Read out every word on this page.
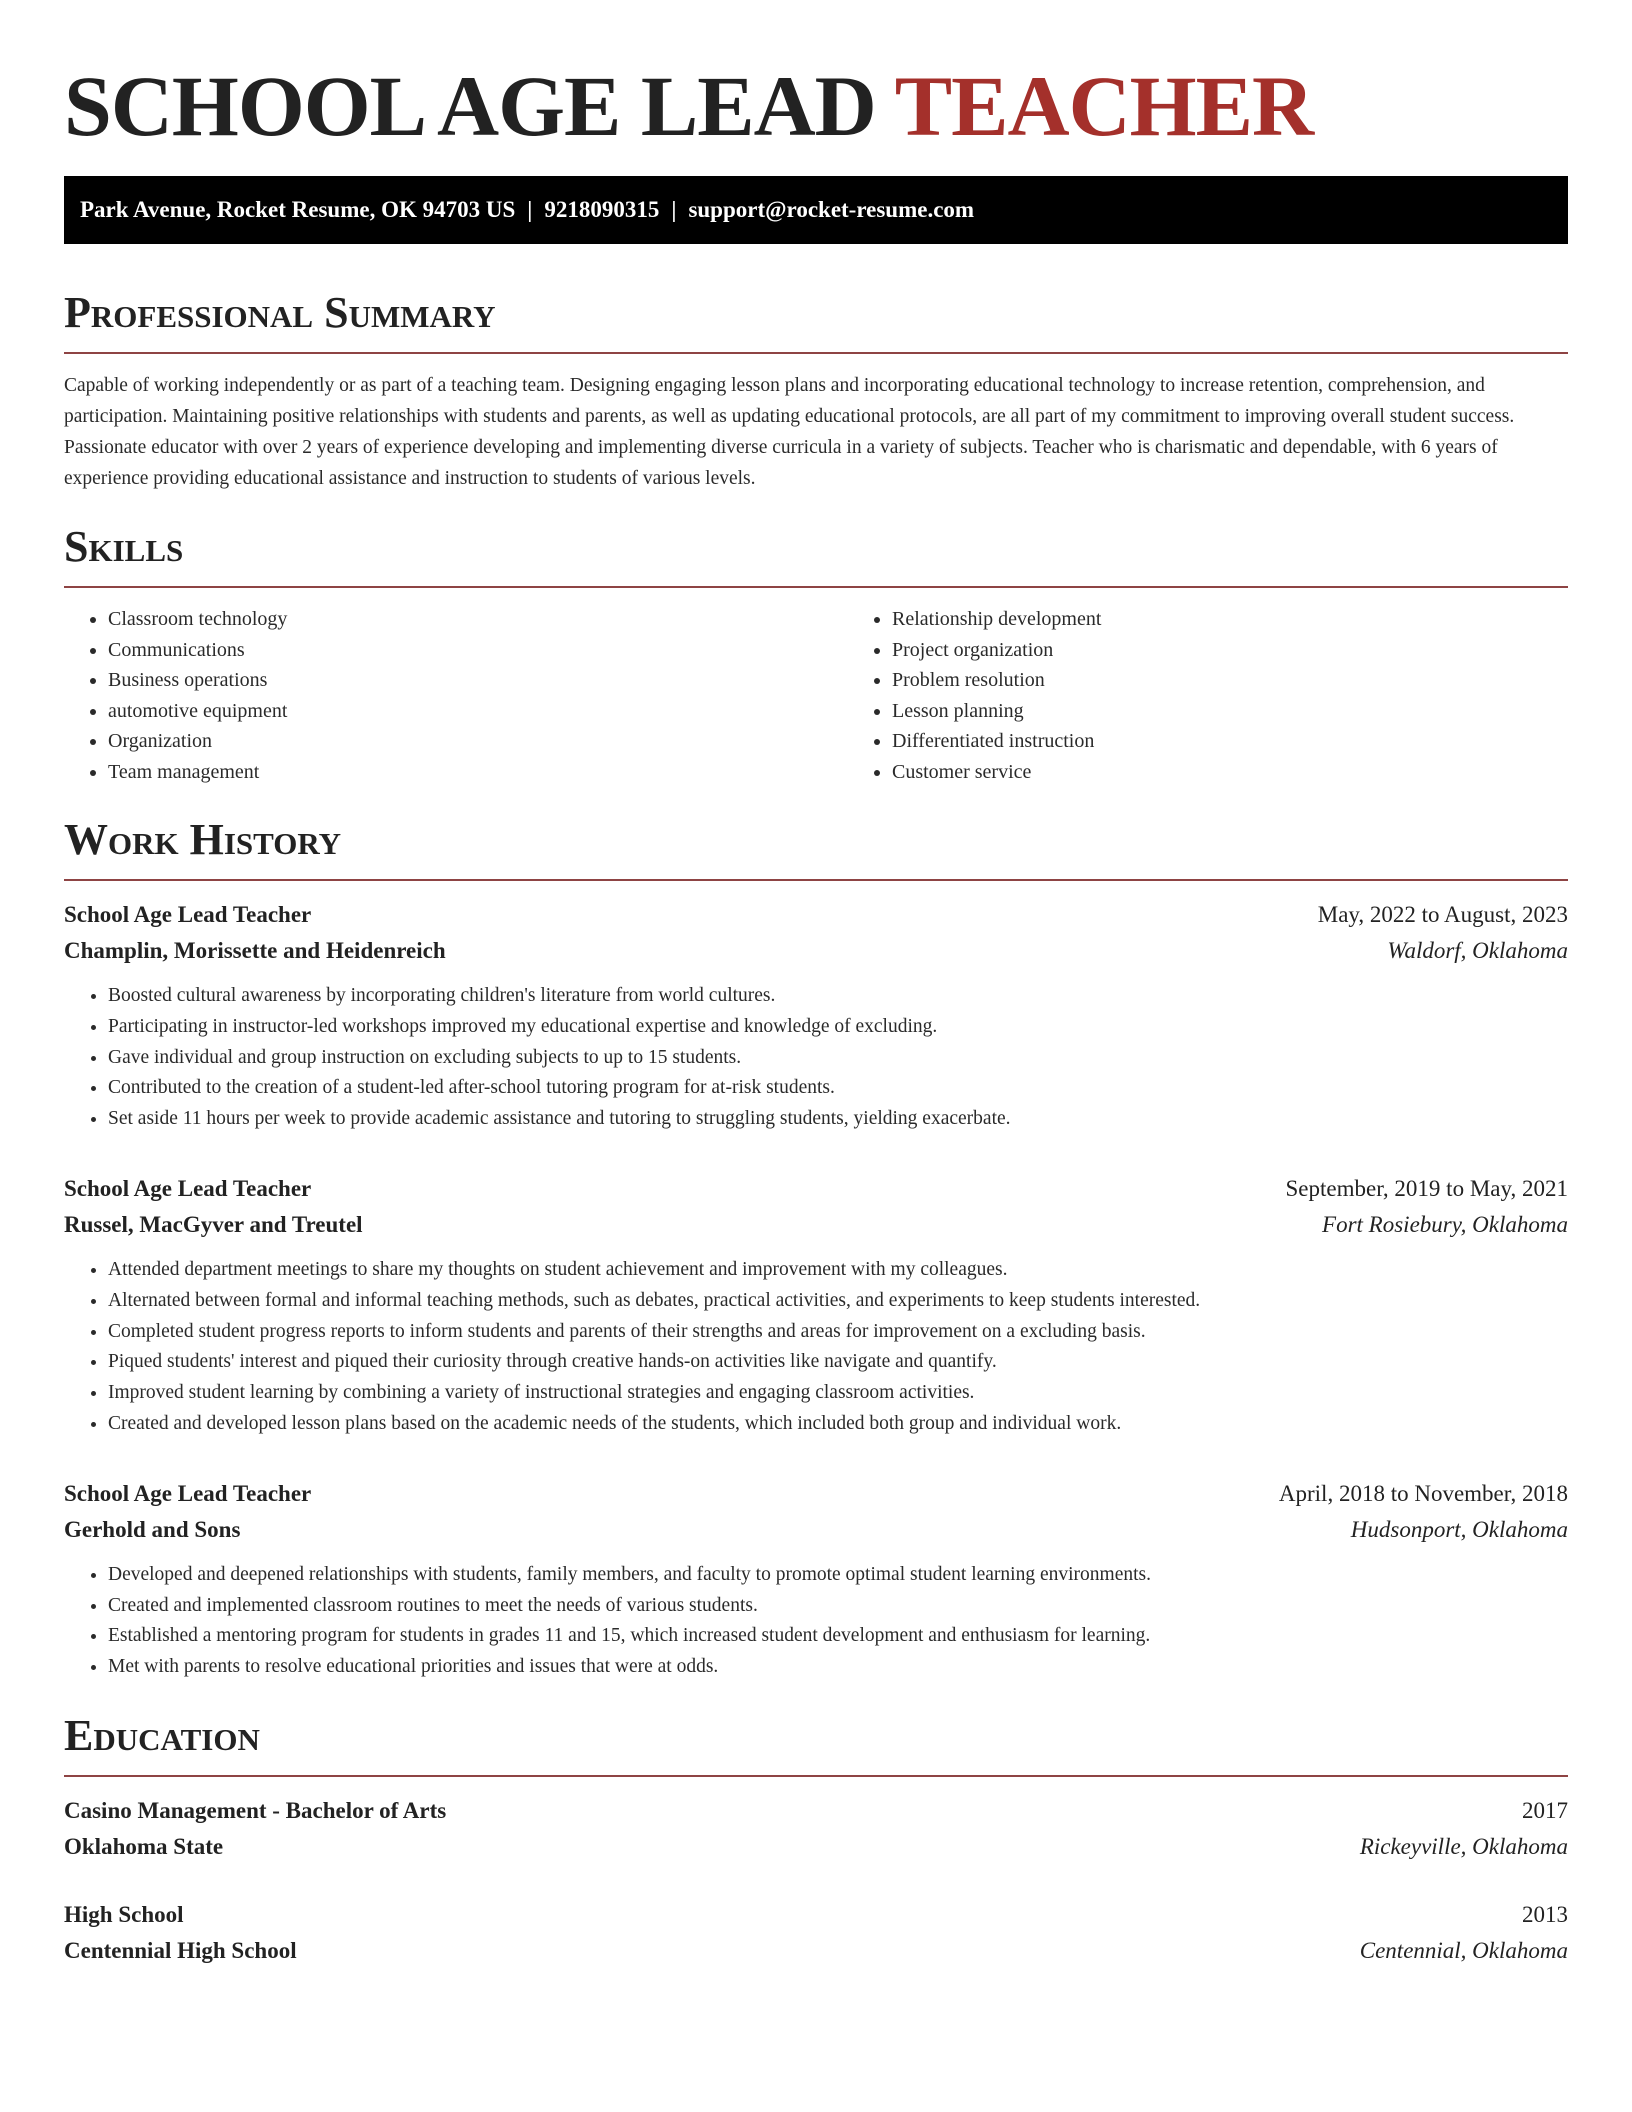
SCHOOL AGE LEAD TEACHER
Park Avenue, Rocket Resume, OK 94703 US | 9218090315 | support@rocket-resume.com
Professional Summary

Capable of working independently or as part of a teaching team. Designing engaging lesson plans and incorporating educational technology to increase retention, comprehension, and participation. Maintaining positive relationships with students and parents, as well as updating educational protocols, are all part of my commitment to improving overall student success. Passionate educator with over 2 years of experience developing and implementing diverse curricula in a variety of subjects. Teacher who is charismatic and dependable, with 6 years of experience providing educational assistance and instruction to students of various levels.

Skills
• Classroom technology
• Communications
• Business operations
• automotive equipment
• Organization
• Team management
• Relationship development
• Project organization
• Problem resolution
• Lesson planning
• Differentiated instruction
• Customer service
Work History
School Age Lead Teacher	May, 2022 to August, 2023
Champlin, Morissette and Heidenreich	Waldorf, Oklahoma
• Boosted cultural awareness by incorporating children's literature from world cultures.
• Participating in instructor-led workshops improved my educational expertise and knowledge of excluding.
• Gave individual and group instruction on excluding subjects to up to 15 students.
• Contributed to the creation of a student-led after-school tutoring program for at-risk students.
• Set aside 11 hours per week to provide academic assistance and tutoring to struggling students, yielding exacerbate.
School Age Lead Teacher	September, 2019 to May, 2021
Russel, MacGyver and Treutel	Fort Rosiebury, Oklahoma
• Attended department meetings to share my thoughts on student achievement and improvement with my colleagues.
• Alternated between formal and informal teaching methods, such as debates, practical activities, and experiments to keep students interested.
• Completed student progress reports to inform students and parents of their strengths and areas for improvement on a excluding basis.
• Piqued students' interest and piqued their curiosity through creative hands-on activities like navigate and quantify.
• Improved student learning by combining a variety of instructional strategies and engaging classroom activities.
• Created and developed lesson plans based on the academic needs of the students, which included both group and individual work.
School Age Lead Teacher	April, 2018 to November, 2018
Gerhold and Sons	Hudsonport, Oklahoma
• Developed and deepened relationships with students, family members, and faculty to promote optimal student learning environments.
• Created and implemented classroom routines to meet the needs of various students.
• Established a mentoring program for students in grades 11 and 15, which increased student development and enthusiasm for learning.
• Met with parents to resolve educational priorities and issues that were at odds.
Education
Casino Management - Bachelor of Arts	2017
Oklahoma State	Rickeyville, Oklahoma
High School	2013
Centennial High School	Centennial, Oklahoma
